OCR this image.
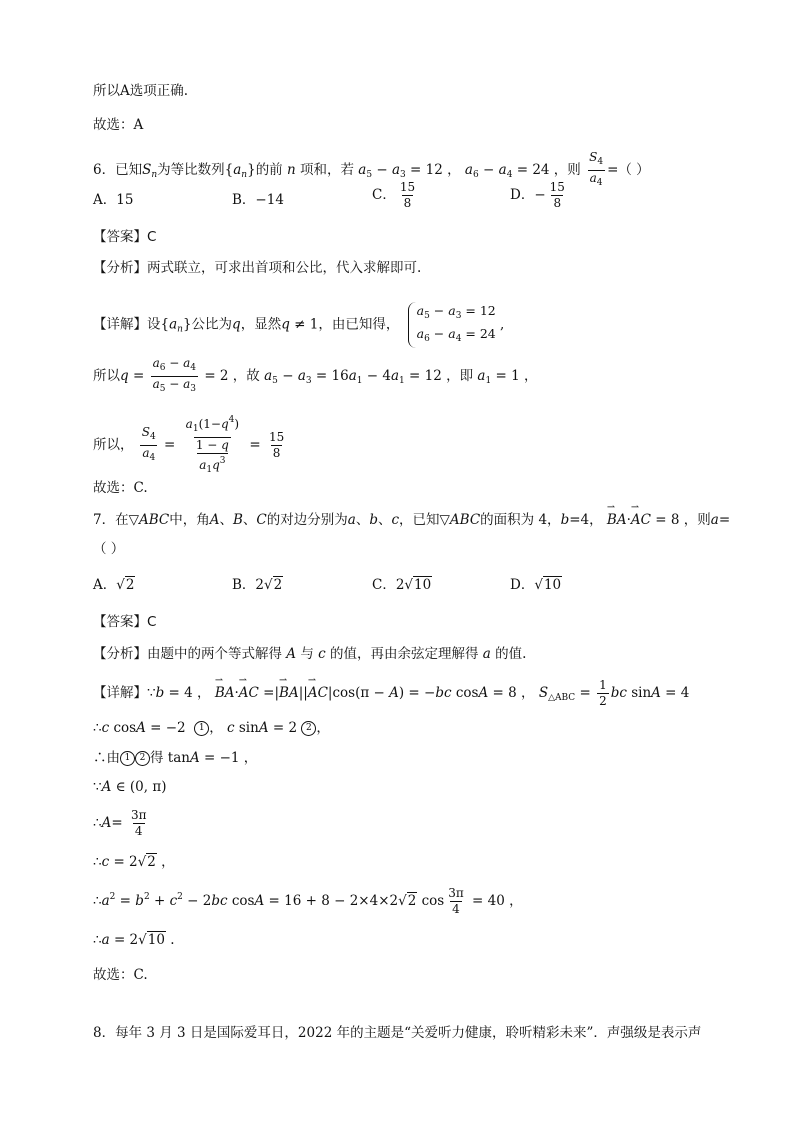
所以A选项正确.
故选：A
6．已知$S_n$为等比数列$\{a_n\}$的前 n 项和，若 $a_5 - a_3 = 12$ ， $a_6 - a_4 = 24$ ，则 $\frac{S_4}{a_4}$ =（ ）
A．15	B．−14	C． $\frac{15}{8}$	D．− $\frac{15}{8}$
【答案】C
【分析】两式联立，可求出首项和公比，代入求解即可.
【详解】设$\{a_n\}$公比为q，显然q ≠ 1，由已知得，
$a_5 - a_3 = 12$
$a_6 - a_4 = 24$
,
所以$q = \frac{a_6 - a_4}{a_5 - a_3} = 2$ ，故 $a_5 - a_3 = 16a_1 - 4a_1 = 12$ ，即 $a_1 = 1$ ，
所以， $\frac{S_4}{a_4} = \frac{\frac{a_1(1-q^4)}{1 - q}}{a_1q^3} = \frac{15}{8}$
故选：C.
7．在▽ABC中，角A、B、C的对边分别为a、b、c，已知▽ABC的面积为 4，b=4， ⇀ BA·⇀ AC = 8 ，则a=
（ ）
A．√2	B．2√2	C．2√10	D．√10
【答案】C
【分析】由题中的两个等式解得 A 与 c 的值，再由余弦定理解得 a 的值.
【详解】∵b = 4 ， ⇀ BA·⇀ AC =|⇀ BA||⇀ AC|cos(π − A) = −bc cosA = 8 ， $S_{\triangle ABC} = \frac{1}{2}$ bc sinA = 4
∴c cosA = −2  1 ， c sinA = 2 2 ，
∴由 1 2 得 tanA = −1 ，
∵A ∈ (0, π)
∴A= $\frac{3\pi}{4}$
∴c = 2√2 ，
$\therefore a^2 = b^2 + c^2 - 2bc$ cosA = 16 + 8 − 2×4×2√2 $\cos \frac{3\pi}{4} = 40$ ，
∴a = 2√10 .
故选：C.
8．每年 3 月 3 日是国际爱耳日，2022 年的主题是“关爱听力健康，聆听精彩未来”．声强级是表示声
